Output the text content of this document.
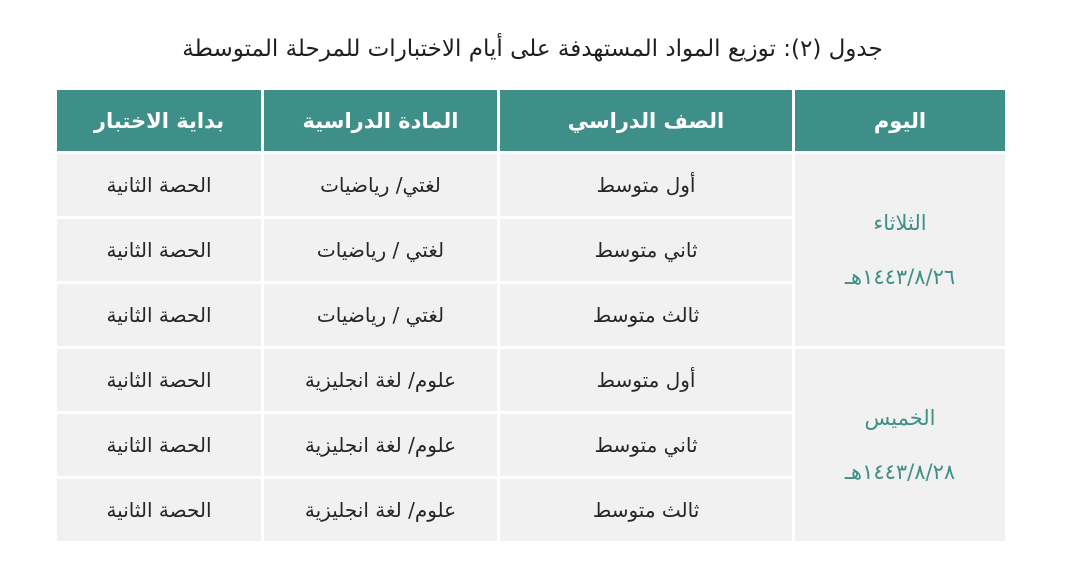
جدول (٢): توزيع المواد المستهدفة على أيام الاختبارات للمرحلة المتوسطة
اليوم	الصف الدراسي	المادة الدراسية	بداية الاختبار

الثلاثاء
١٤٤٣/٨/٢٦هـ	أول متوسط	لغتي/ رياضيات	الحصة الثانية
	ثاني متوسط	لغتي / رياضيات	الحصة الثانية
	ثالث متوسط	لغتي / رياضيات	الحصة الثانية

الخميس
١٤٤٣/٨/٢٨هـ	أول متوسط	علوم/ لغة انجليزية	الحصة الثانية
	ثاني متوسط	علوم/ لغة انجليزية	الحصة الثانية
	ثالث متوسط	علوم/ لغة انجليزية	الحصة الثانية
